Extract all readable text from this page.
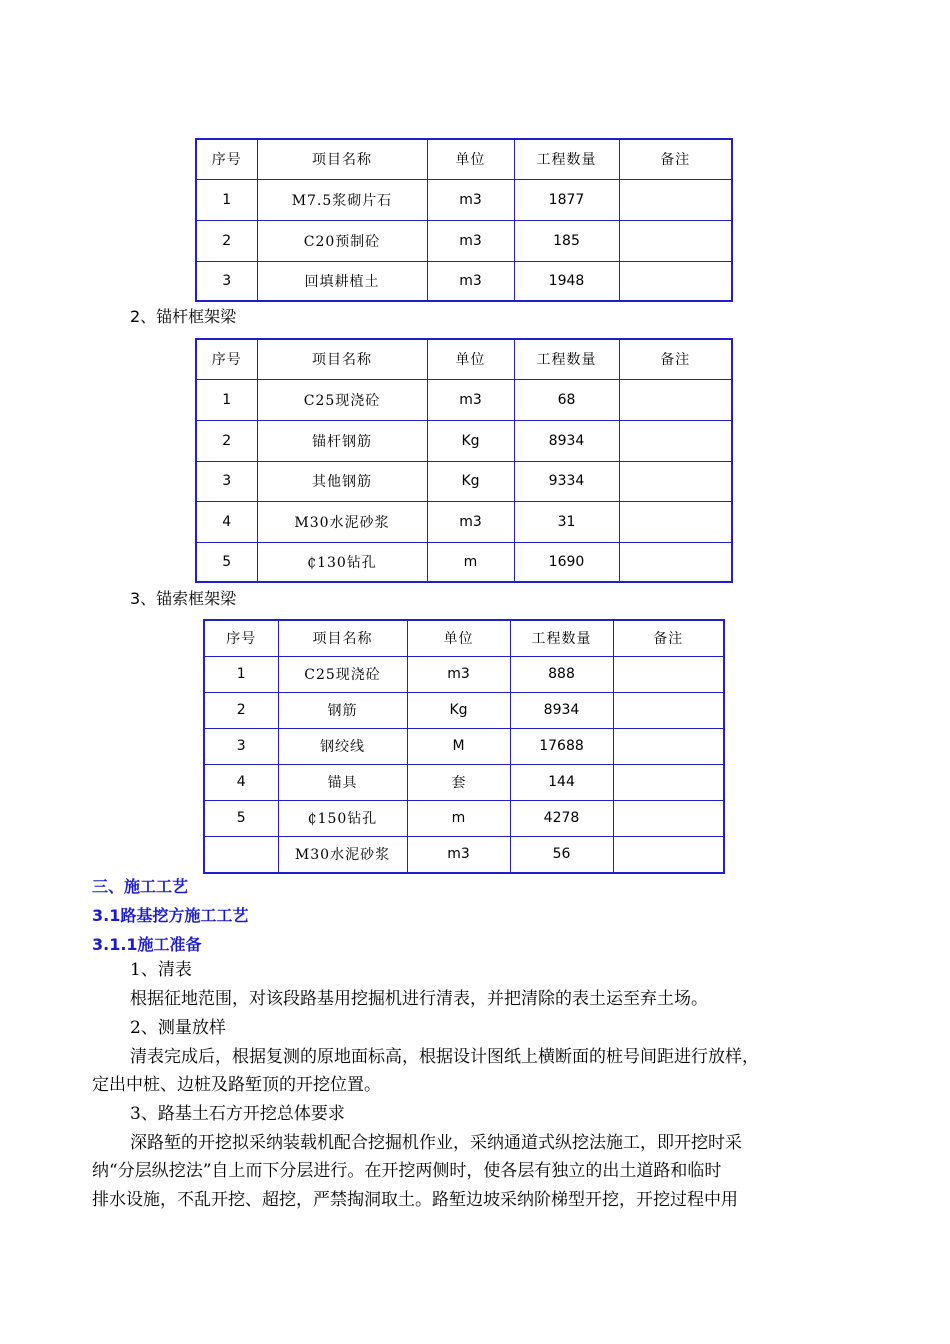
序号	项目名称	单位	工程数量	备注
1	M7.5浆砌片石	m3	1877	
2	C20预制砼	m3	185	
3	回填耕植土	m3	1948	
2、锚杆框架梁
序号	项目名称	单位	工程数量	备注
1	C25现浇砼	m3	68	
2	锚杆钢筋	Kg	8934	
3	其他钢筋	Kg	9334	
4	M30水泥砂浆	m3	31	
5	₵130钻孔	m	1690	
3、锚索框架梁
序号	项目名称	单位	工程数量	备注
1	C25现浇砼	m3	888	
2	钢筋	Kg	8934	
3	钢绞线	M	17688	
4	锚具	套	144	
5	₵150钻孔	m	4278	
	M30水泥砂浆	m3	56	
三、施工工艺
3.1路基挖方施工工艺
3.1.1施工准备
1、清表
根据征地范围，对该段路基用挖掘机进行清表，并把清除的表土运至弃土场。
2、测量放样
清表完成后，根据复测的原地面标高，根据设计图纸上横断面的桩号间距进行放样，
定出中桩、边桩及路堑顶的开挖位置。
3、路基土石方开挖总体要求
深路堑的开挖拟采纳装载机配合挖掘机作业，采纳通道式纵挖法施工，即开挖时采
纳“分层纵挖法”自上而下分层进行。在开挖两侧时，使各层有独立的出土道路和临时
排水设施，不乱开挖、超挖，严禁掏洞取土。路堑边坡采纳阶梯型开挖，开挖过程中用
